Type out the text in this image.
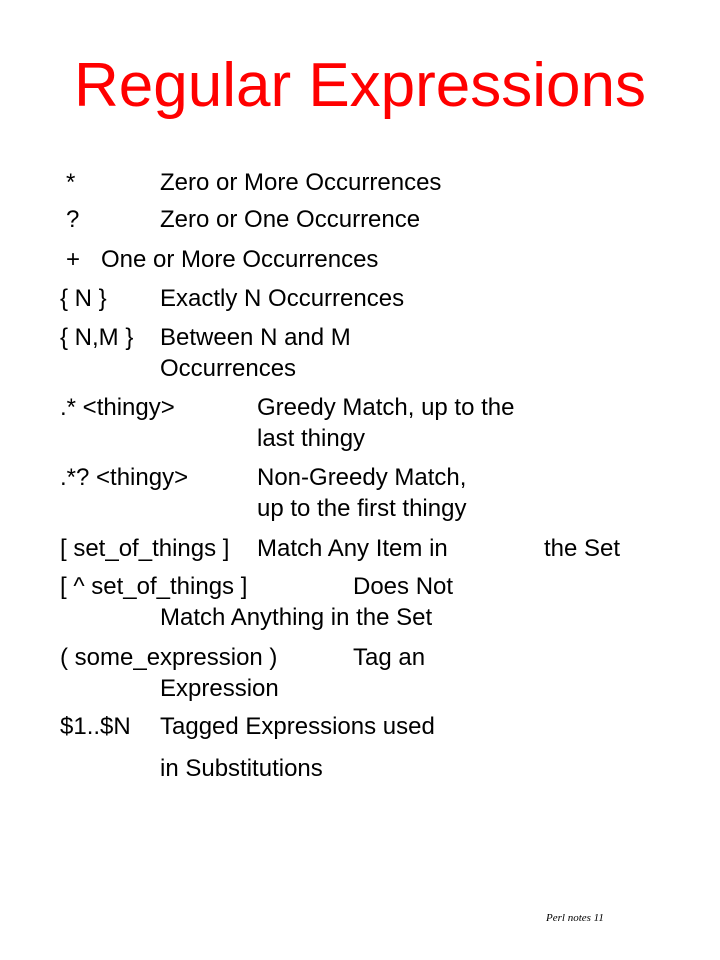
Regular Expressions
*	Zero or More Occurrences
?	Zero or One Occurrence
+ One or More Occurrences
{ N } Exactly N Occurrences
{ N,M } Between N and M
Occurrences
.* <thingy>	Greedy Match, up to the
last thingy
.*? <thingy>	Non-Greedy Match,
up to the first thingy
[ set_of_things ] Match Any Item in	the Set
[ ^ set_of_things ]	Does Not
Match Anything in the Set
( some_expression )	Tag an
Expression
$1..$N Tagged Expressions used
in Substitutions
Perl notes 11
